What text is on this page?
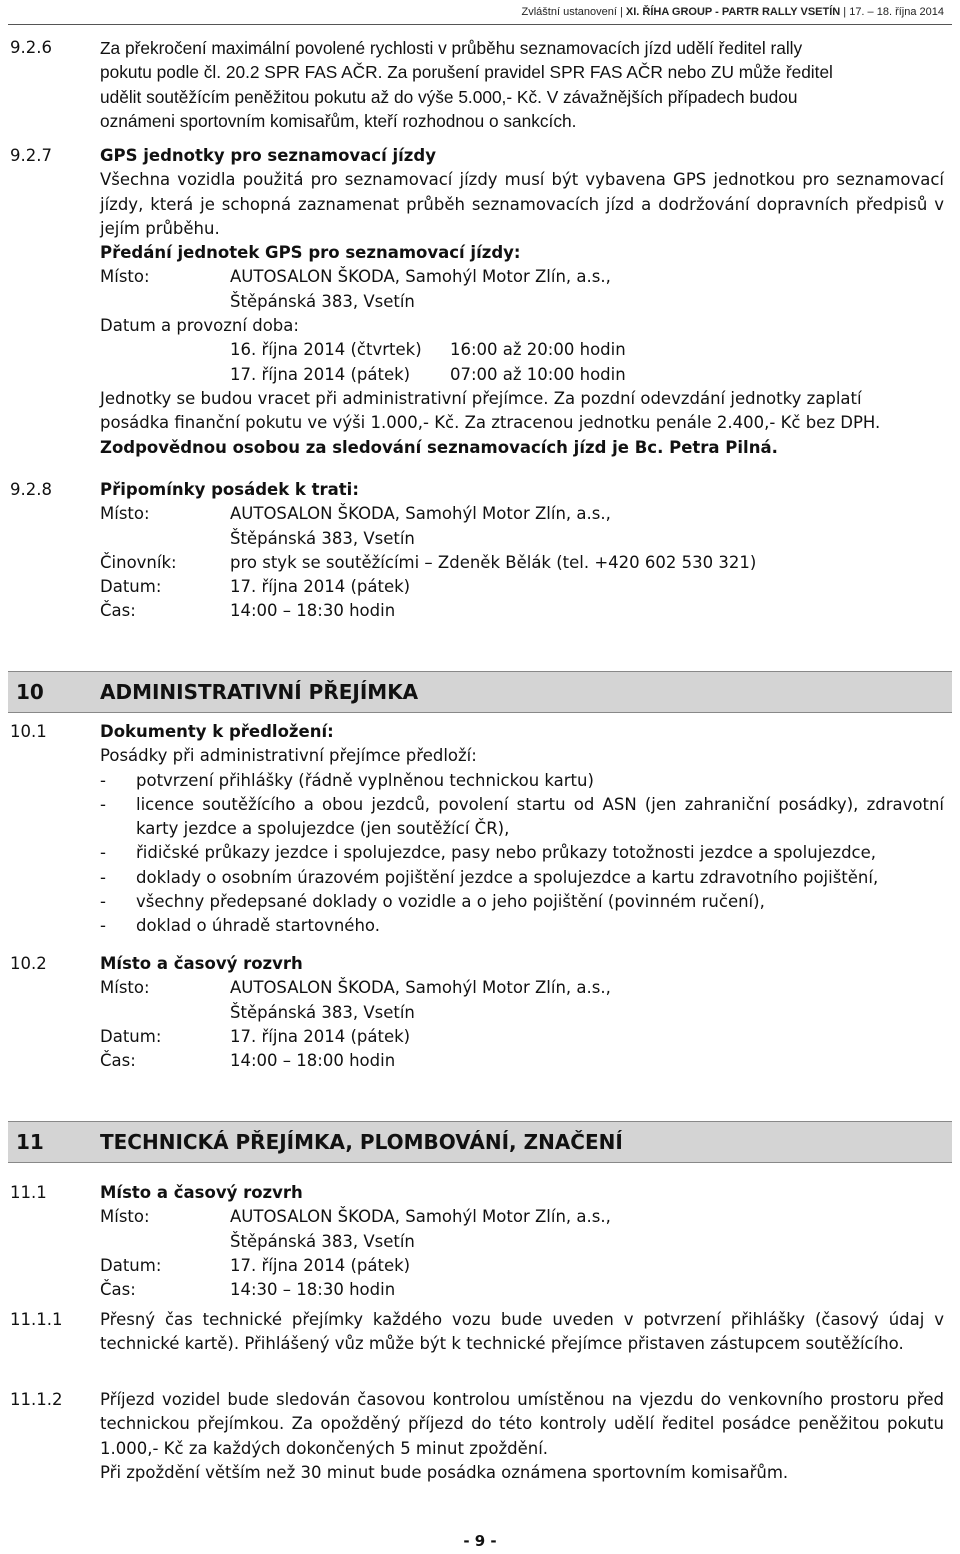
Zvláštní ustanovení | XI. ŘÍHA GROUP - PARTR RALLY VSETÍN | 17. – 18. října 2014
9.2.6	Za překročení maximální povolené rychlosti v průběhu seznamovacích jízd udělí ředitel rally
pokutu podle čl. 20.2 SPR FAS AČR. Za porušení pravidel SPR FAS AČR nebo ZU může ředitel
udělit soutěžícím peněžitou pokutu až do výše 5.000,- Kč. V závažnějších případech budou
oznámeni sportovním komisařům, kteří rozhodnou o sankcích.
9.2.7	GPS jednotky pro seznamovací jízdy
Všechna vozidla použitá pro seznamovací jízdy musí být vybavena GPS jednotkou pro seznamovací jízdy, která je schopná zaznamenat průběh seznamovacích jízd a dodržování dopravních předpisů v jejím průběhu.
Předání jednotek GPS pro seznamovací jízdy:
Místo:	AUTOSALON ŠKODA, Samohýl Motor Zlín, a.s.,
Štěpánská 383, Vsetín
Datum a provozní doba:
16. října 2014 (čtvrtek)	16:00 až 20:00 hodin
17. října 2014 (pátek)	07:00 až 10:00 hodin
Jednotky se budou vracet při administrativní přejímce. Za pozdní odevzdání jednotky zaplatí
posádka finanční pokutu ve výši 1.000,- Kč. Za ztracenou jednotku penále 2.400,- Kč bez DPH.
Zodpovědnou osobou za sledování seznamovacích jízd je Bc. Petra Pilná.
9.2.8	Připomínky posádek k trati:
Místo:	AUTOSALON ŠKODA, Samohýl Motor Zlín, a.s.,
Štěpánská 383, Vsetín
Činovník:	pro styk se soutěžícími – Zdeněk Bělák (tel. +420 602 530 321)
Datum:	17. října 2014 (pátek)
Čas:	14:00 – 18:30 hodin
10	ADMINISTRATIVNÍ PŘEJÍMKA
10.1	Dokumenty k předložení:
Posádky při administrativní přejímce předloží:
-	potvrzení přihlášky (řádně vyplněnou technickou kartu)
-	licence soutěžícího a obou jezdců, povolení startu od ASN (jen zahraniční posádky), zdravotní karty jezdce a spolujezdce (jen soutěžící ČR),
-	řidičské průkazy jezdce i spolujezdce, pasy nebo průkazy totožnosti jezdce a spolujezdce,
-	doklady o osobním úrazovém pojištění jezdce a spolujezdce a kartu zdravotního pojištění,
-	všechny předepsané doklady o vozidle a o jeho pojištění (povinném ručení),
-	doklad o úhradě startovného.
10.2	Místo a časový rozvrh
Místo:	AUTOSALON ŠKODA, Samohýl Motor Zlín, a.s.,
Štěpánská 383, Vsetín
Datum:	17. října 2014 (pátek)
Čas:	14:00 – 18:00 hodin
11	TECHNICKÁ PŘEJÍMKA, PLOMBOVÁNÍ, ZNAČENÍ
11.1	Místo a časový rozvrh
Místo:	AUTOSALON ŠKODA, Samohýl Motor Zlín, a.s.,
Štěpánská 383, Vsetín
Datum:	17. října 2014 (pátek)
Čas:	14:30 – 18:30 hodin
11.1.1	Přesný čas technické přejímky každého vozu bude uveden v potvrzení přihlášky (časový údaj v technické kartě). Přihlášený vůz může být k technické přejímce přistaven zástupcem soutěžícího.
11.1.2	Příjezd vozidel bude sledován časovou kontrolou umístěnou na vjezdu do venkovního prostoru před technickou přejímkou. Za opožděný příjezd do této kontroly udělí ředitel posádce peněžitou pokutu 1.000,- Kč za každých dokončených 5 minut zpoždění.
Při zpoždění větším než 30 minut bude posádka oznámena sportovním komisařům.
- 9 -
